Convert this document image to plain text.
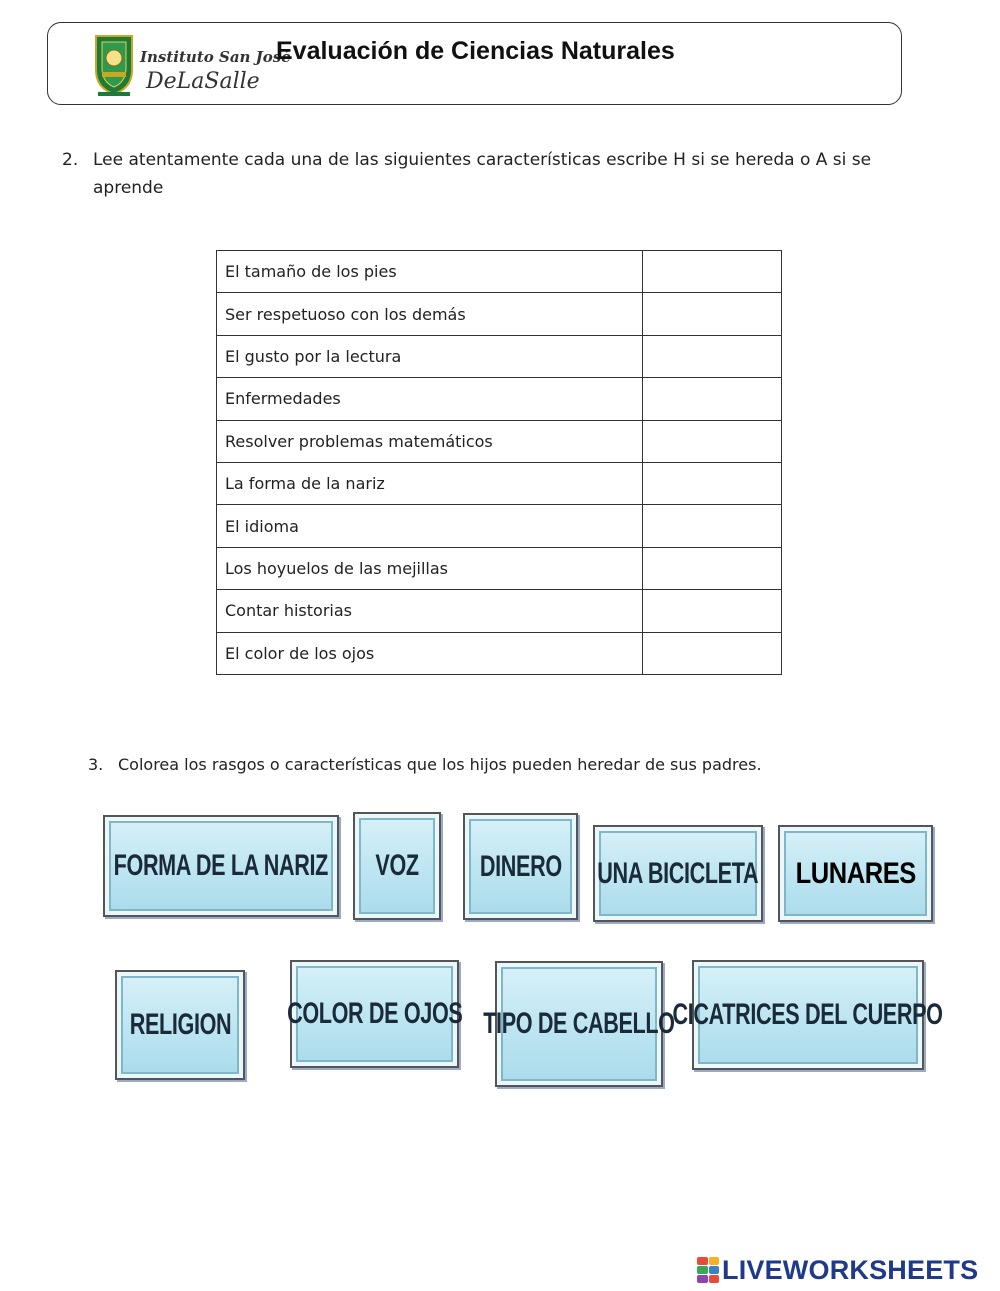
Instituto San José
DeLaSalle
Evaluación de Ciencias Naturales
2. Lee atentamente cada una de las siguientes características escribe H si se hereda o A si se aprende
El tamaño de los pies	
Ser respetuoso con los demás	
El gusto por la lectura	
Enfermedades	
Resolver problemas matemáticos	
La forma de la nariz	
El idioma	
Los hoyuelos de las mejillas	
Contar historias	
El color de los ojos	
3. Colorea los rasgos o características que los hijos pueden heredar de sus padres.
FORMA DE LA NARIZ VOZ DINERO UNA BICICLETA LUNARES
RELIGION COLOR DE OJOS TIPO DE CABELLO
CICATRICES DEL CUERPO
LIVEWORKSHEETS
